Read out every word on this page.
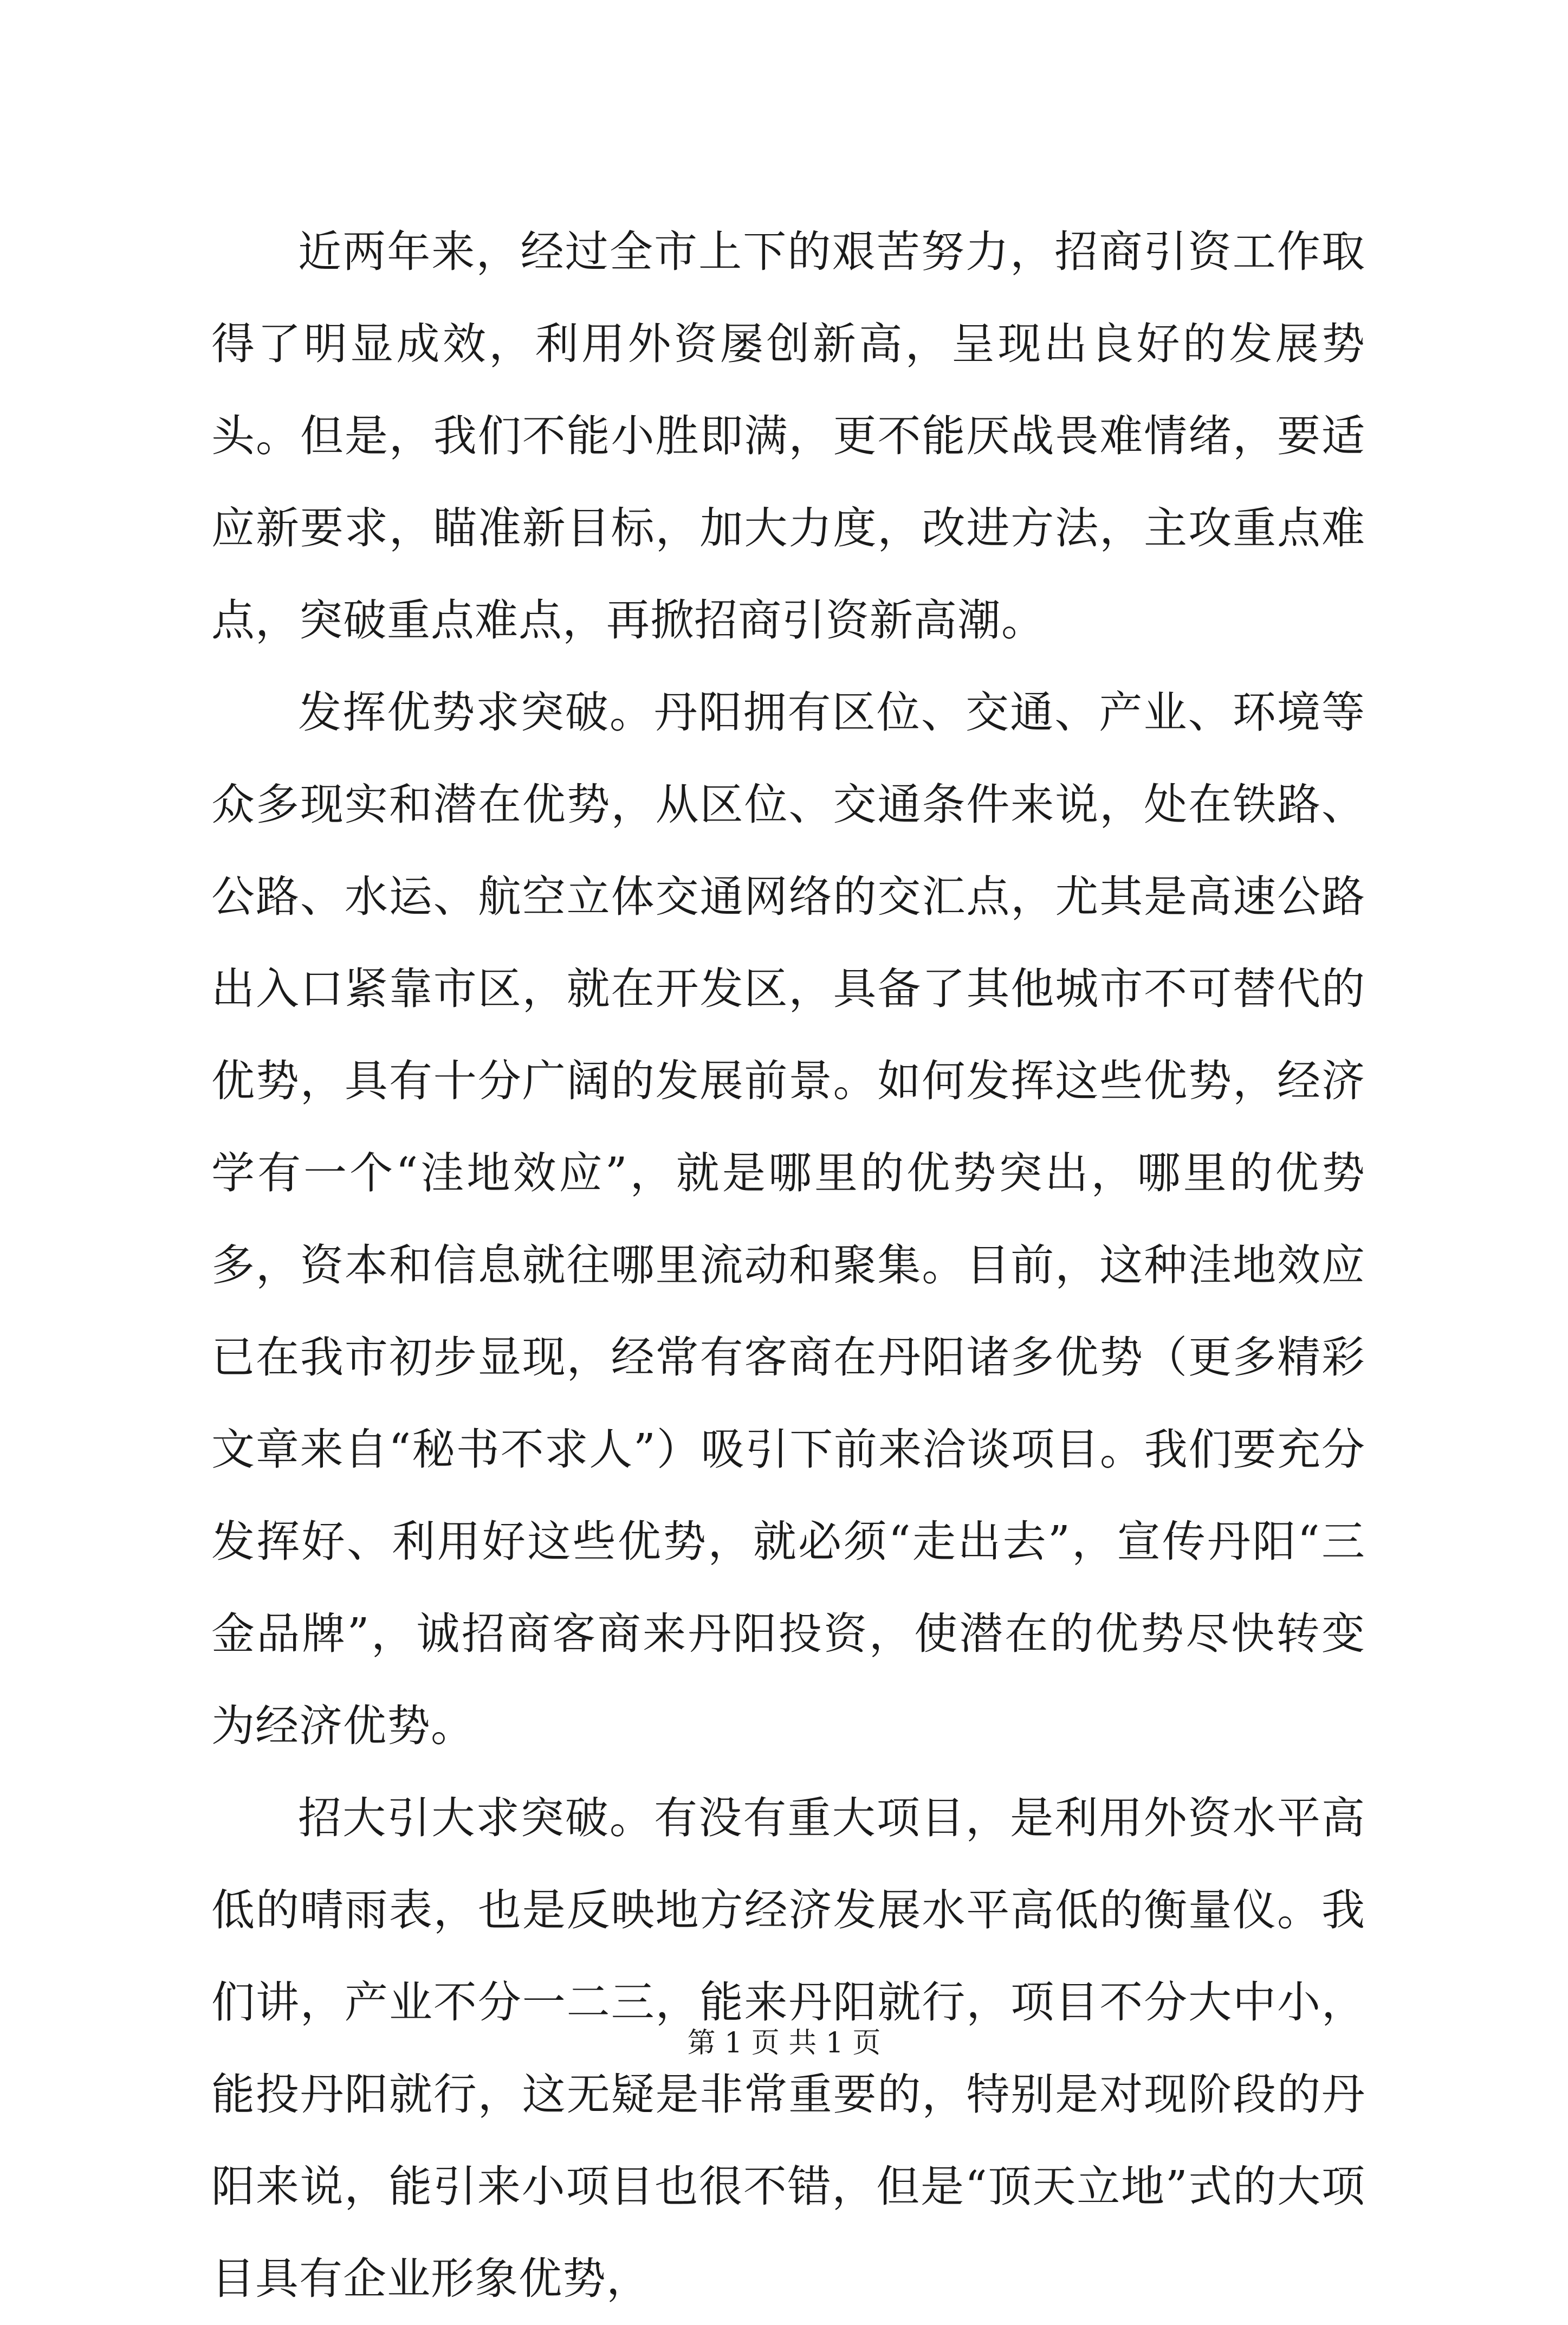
近两年来，经过全市上下的艰苦努力，招商引资工作取得了明显成效，利用外资屡创新高，呈现出良好的发展势头。但是，我们不能小胜即满，更不能厌战畏难情绪，要适应新要求，瞄准新目标，加大力度，改进方法，主攻重点难点，突破重点难点，再掀招商引资新高潮。

发挥优势求突破。丹阳拥有区位、交通、产业、环境等众多现实和潜在优势，从区位、交通条件来说，处在铁路、公路、水运、航空立体交通网络的交汇点，尤其是高速公路出入口紧靠市区，就在开发区，具备了其他城市不可替代的优势，具有十分广阔的发展前景。如何发挥这些优势，经济学有一个“洼地效应”，就是哪里的优势突出，哪里的优势多，资本和信息就往哪里流动和聚集。目前，这种洼地效应已在我市初步显现，经常有客商在丹阳诸多优势（更多精彩文章来自“秘书不求人”）吸引下前来洽谈项目。我们要充分发挥好、利用好这些优势，就必须“走出去”，宣传丹阳“三金品牌”，诚招商客商来丹阳投资，使潜在的优势尽快转变为经济优势。

招大引大求突破。有没有重大项目，是利用外资水平高低的晴雨表，也是反映地方经济发展水平高低的衡量仪。我们讲，产业不分一二三，能来丹阳就行，项目不分大中小，能投丹阳就行，这无疑是非常重要的，特别是对现阶段的丹阳来说，能引来小项目也很不错，但是“顶天立地”式的大项目具有企业形象优势，

第 1 页 共 1 页
